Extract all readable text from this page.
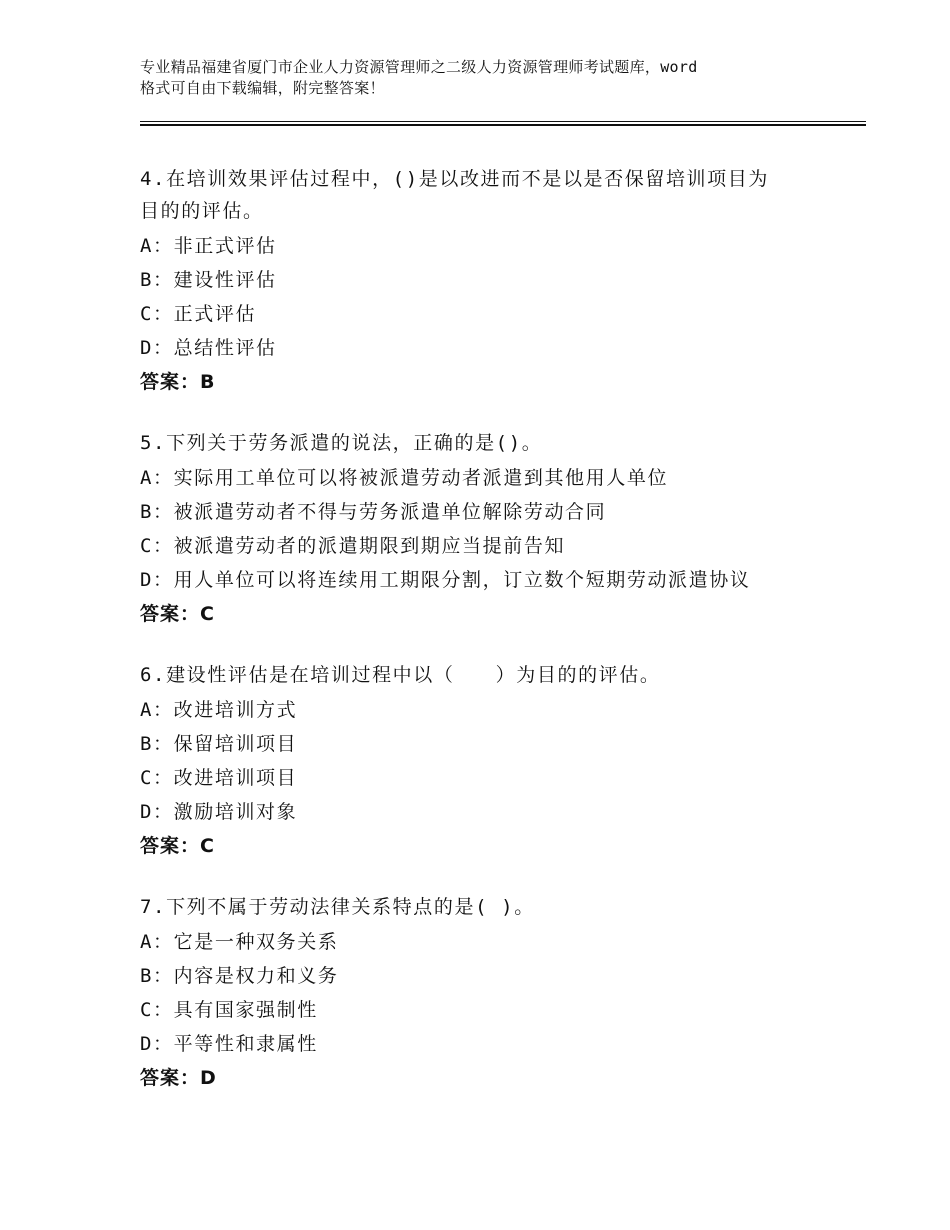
专业精品福建省厦门市企业人力资源管理师之二级人力资源管理师考试题库，word
格式可自由下载编辑，附完整答案！
4.在培训效果评估过程中，()是以改进而不是以是否保留培训项目为
目的的评估。
A：非正式评估
B：建设性评估
C：正式评估
D：总结性评估
答案：B
5.下列关于劳务派遣的说法，正确的是()。
A：实际用工单位可以将被派遣劳动者派遣到其他用人单位
B：被派遣劳动者不得与劳务派遣单位解除劳动合同
C：被派遣劳动者的派遣期限到期应当提前告知
D：用人单位可以将连续用工期限分割，订立数个短期劳动派遣协议
答案：C
6.建设性评估是在培训过程中以（　　）为目的的评估。
A：改进培训方式
B：保留培训项目
C：改进培训项目
D：激励培训对象
答案：C
7.下列不属于劳动法律关系特点的是( )。
A：它是一种双务关系
B：内容是权力和义务
C：具有国家强制性
D：平等性和隶属性
答案：D
